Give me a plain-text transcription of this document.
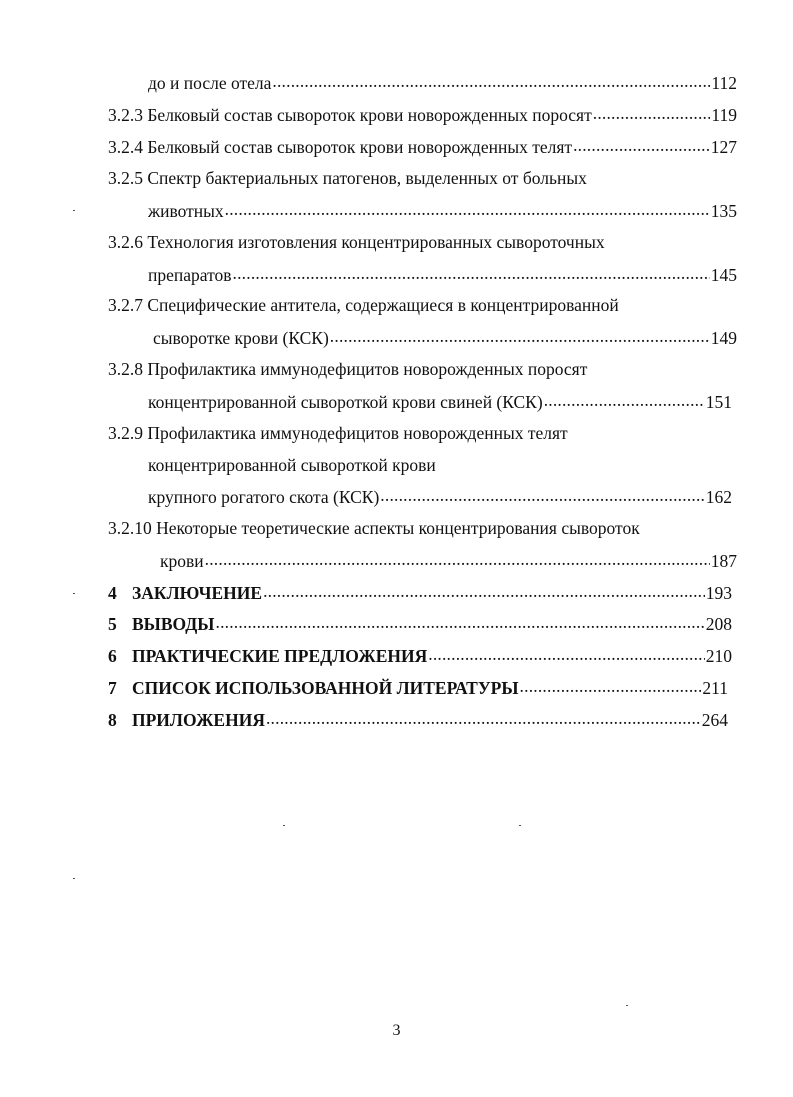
до и после отела .....	112
3.2.3
Белковый состав сывороток крови новорожденных поросят .....	119
3.2.4
Белковый состав сывороток крови новорожденных телят .....	127
3.2.5 Спектр бактериальных патогенов, выделенных от больных
животных .....	135
3.2.6 Технология изготовления концентрированных сывороточных
препаратов .....	145
3.2.7 Специфические антитела, содержащиеся в концентрированной
сыворотке крови (КСК) .....	149
3.2.8 Профилактика иммунодефицитов новорожденных поросят
концентрированной сывороткой крови свиней (КСК) .....	151
3.2.9 Профилактика иммунодефицитов новорожденных телят
концентрированной сывороткой крови
крупного рогатого скота (КСК) .....	162
3.2.10 Некоторые теоретические аспекты концентрирования сывороток
крови .....	187
4 ЗАКЛЮЧЕНИЕ .....	193
5 ВЫВОДЫ .....	208
6 ПРАКТИЧЕСКИЕ ПРЕДЛОЖЕНИЯ .....	210
7 СПИСОК ИСПОЛЬЗОВАННОЙ ЛИТЕРАТУРЫ .....	211
8 ПРИЛОЖЕНИЯ .....	264
3
